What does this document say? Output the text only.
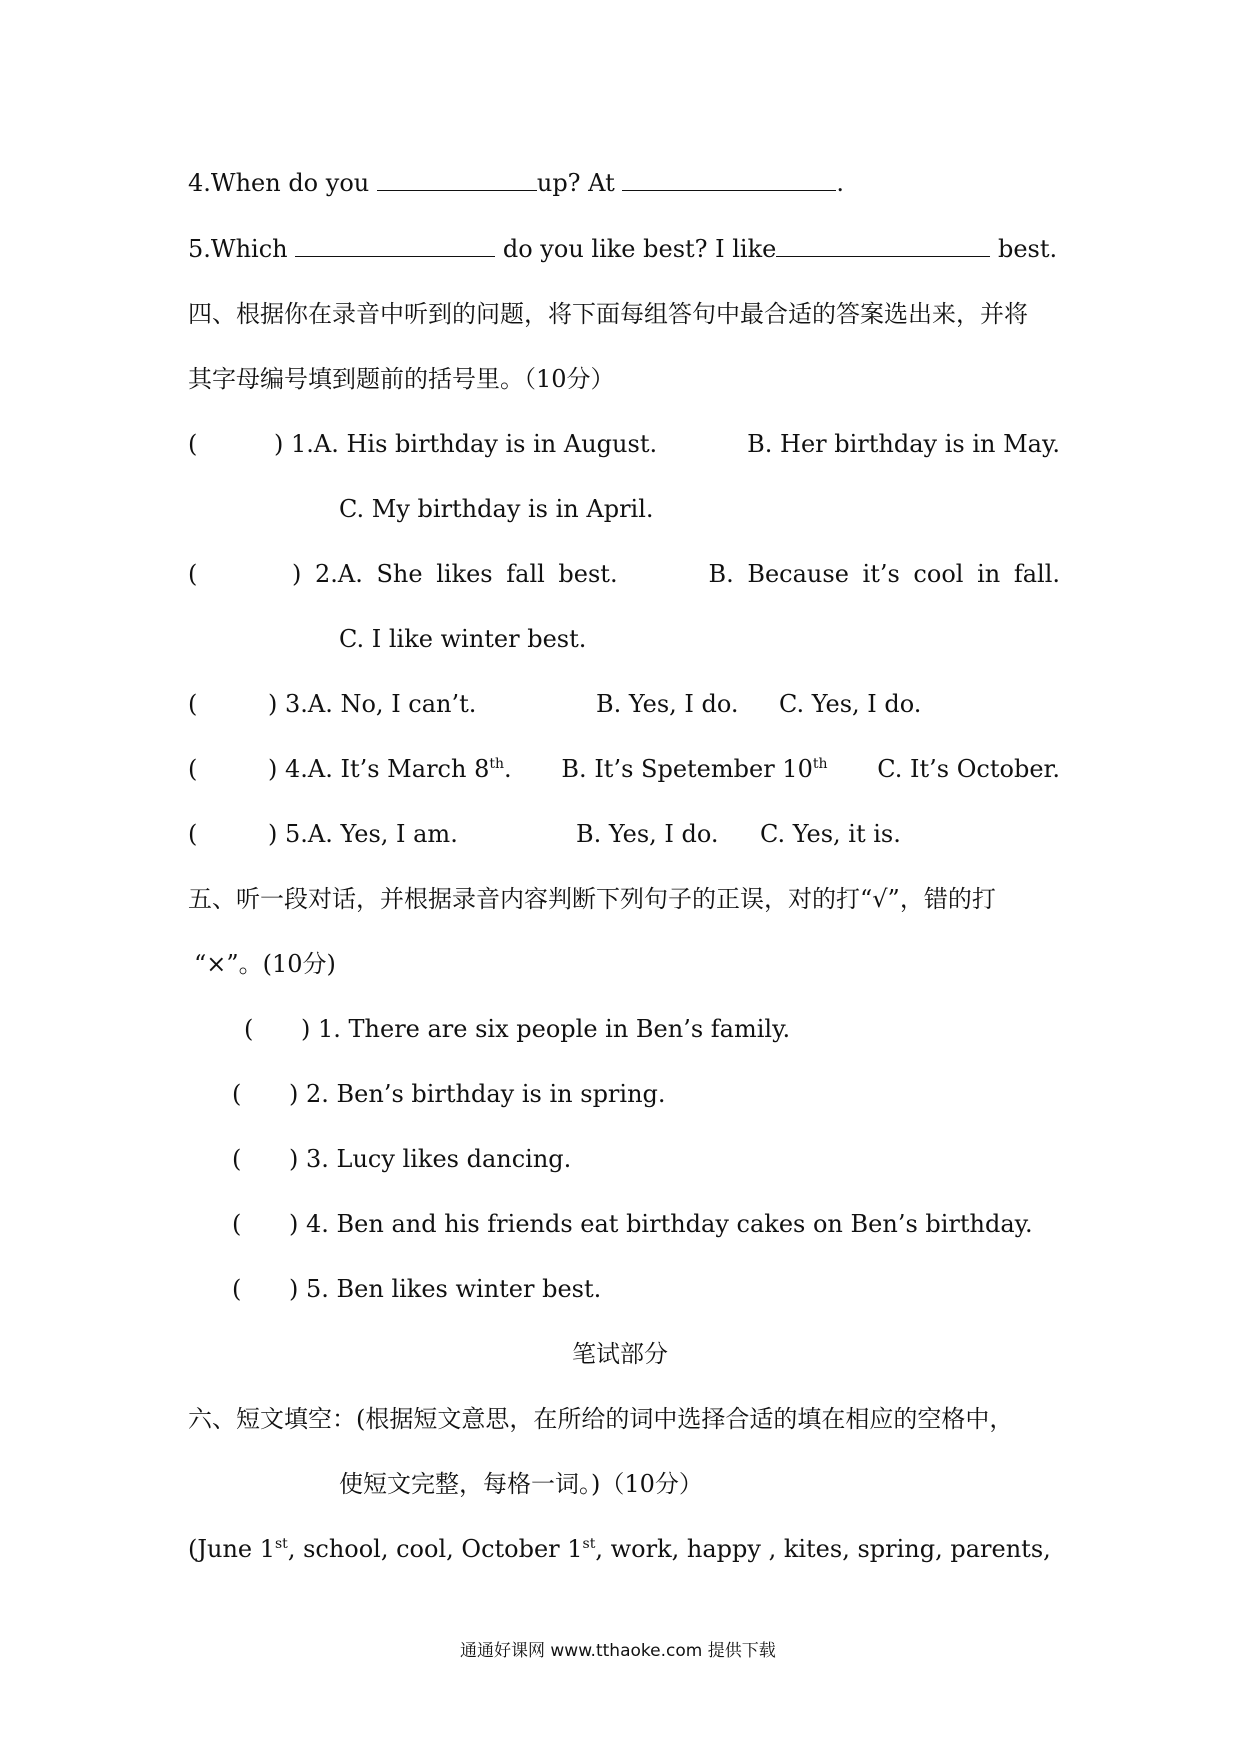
4.When do you	up? At	.
5.Which	do you like best? I like	best.
四、根据你在录音中听到的问题，将下面每组答句中最合适的答案选出来，并将
其字母编号填到题前的括号里。（10分）
(	) 1.A. His birthday is in August.	B. Her birthday is in May.
C. My birthday is in April.
(	) 2.A. She likes fall best.	B. Because it’s cool in fall.
C. I like winter best.
(	) 3.A. No, I can’t.	B. Yes, I do. C. Yes, I do.
(	) 4.A. It’s March 8th. B. It’s Spetember 10th C. It’s October.
(	) 5.A. Yes, I am.	B. Yes, I do. C. Yes, it is.
五、听一段对话，并根据录音内容判断下列句子的正误，对的打“√”，错的打
“×”。(10分)
( ) 1. There are six people in Ben’s family.
( ) 2. Ben’s birthday is in spring.
( ) 3. Lucy likes dancing.
( ) 4. Ben and his friends eat birthday cakes on Ben’s birthday.
( ) 5. Ben likes winter best.
笔试部分
六、短文填空：(根据短文意思，在所给的词中选择合适的填在相应的空格中，
使短文完整，每格一词。)（10分）
(June 1st, school, cool, October 1st, work, happy , kites, spring, parents,
通通好课网 www.tthaoke.com 提供下载
